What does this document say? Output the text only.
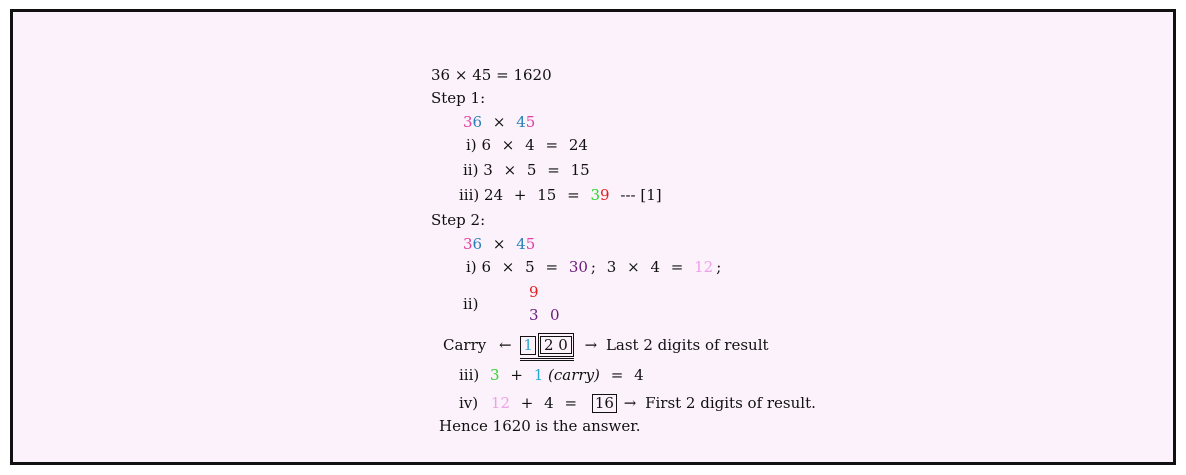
36 × 45 = 1620
Step 1:
36 × 45
i) 6 × 4 = 24
ii) 3 × 5 = 15
iii) 24 + 15 = 39 --- [1]
Step 2:
36 × 45
i) 6 × 5 = 30 ; 3 × 4 = 12 ;
ii)
9
3 0
Carry ← 1 2 0 → Last 2 digits of result
iii) 3 + 1 (carry) = 4
iv) 12 + 4 = 16 → First 2 digits of result.
Hence 1620 is the answer.
